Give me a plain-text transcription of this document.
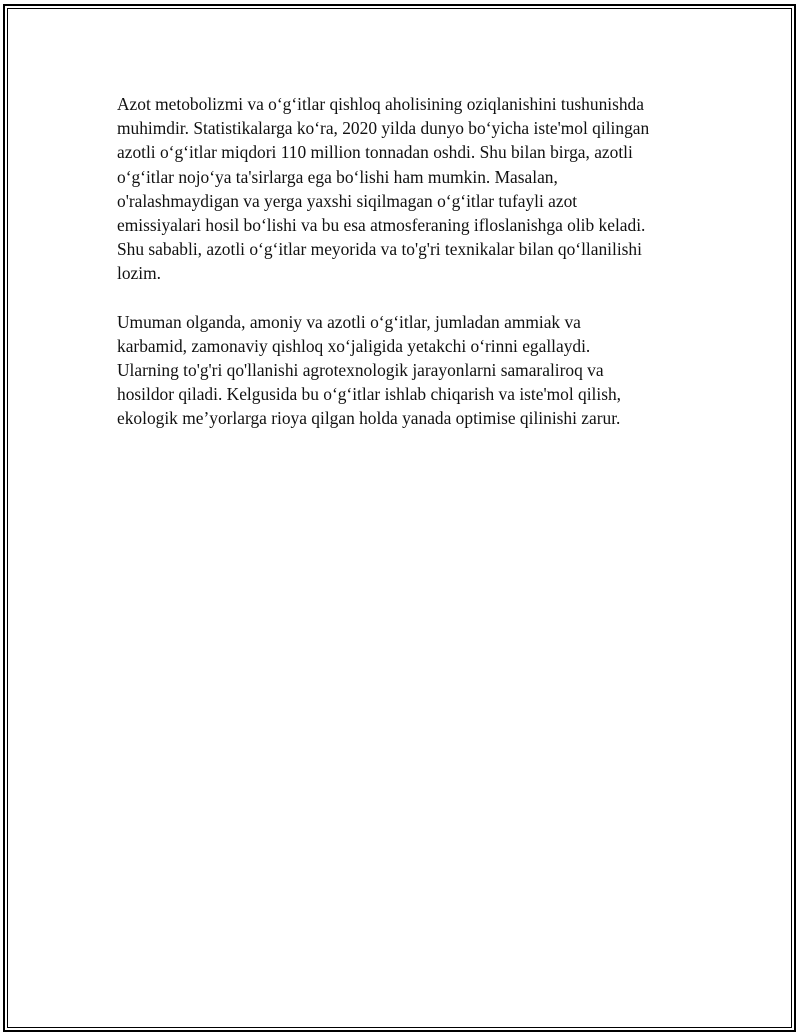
Azot metobolizmi va o‘g‘itlar qishloq aholisining oziqlanishini tushunishda
muhimdir. Statistikalarga ko‘ra, 2020 yilda dunyo bo‘yicha iste'mol qilingan
azotli o‘g‘itlar miqdori 110 million tonnadan oshdi. Shu bilan birga, azotli
o‘g‘itlar nojo‘ya ta'sirlarga ega bo‘lishi ham mumkin. Masalan,
o'ralashmaydigan va yerga yaxshi siqilmagan o‘g‘itlar tufayli azot
emissiyalari hosil bo‘lishi va bu esa atmosferaning ifloslanishga olib keladi.
Shu sababli, azotli o‘g‘itlar meyorida va to'g'ri texnikalar bilan qo‘llanilishi
lozim.

Umuman olganda, amoniy va azotli o‘g‘itlar, jumladan ammiak va
karbamid, zamonaviy qishloq xo‘jaligida yetakchi o‘rinni egallaydi.
Ularning to'g'ri qo'llanishi agrotexnologik jarayonlarni samaraliroq va
hosildor qiladi. Kelgusida bu o‘g‘itlar ishlab chiqarish va iste'mol qilish,
ekologik me’yorlarga rioya qilgan holda yanada optimise qilinishi zarur.
